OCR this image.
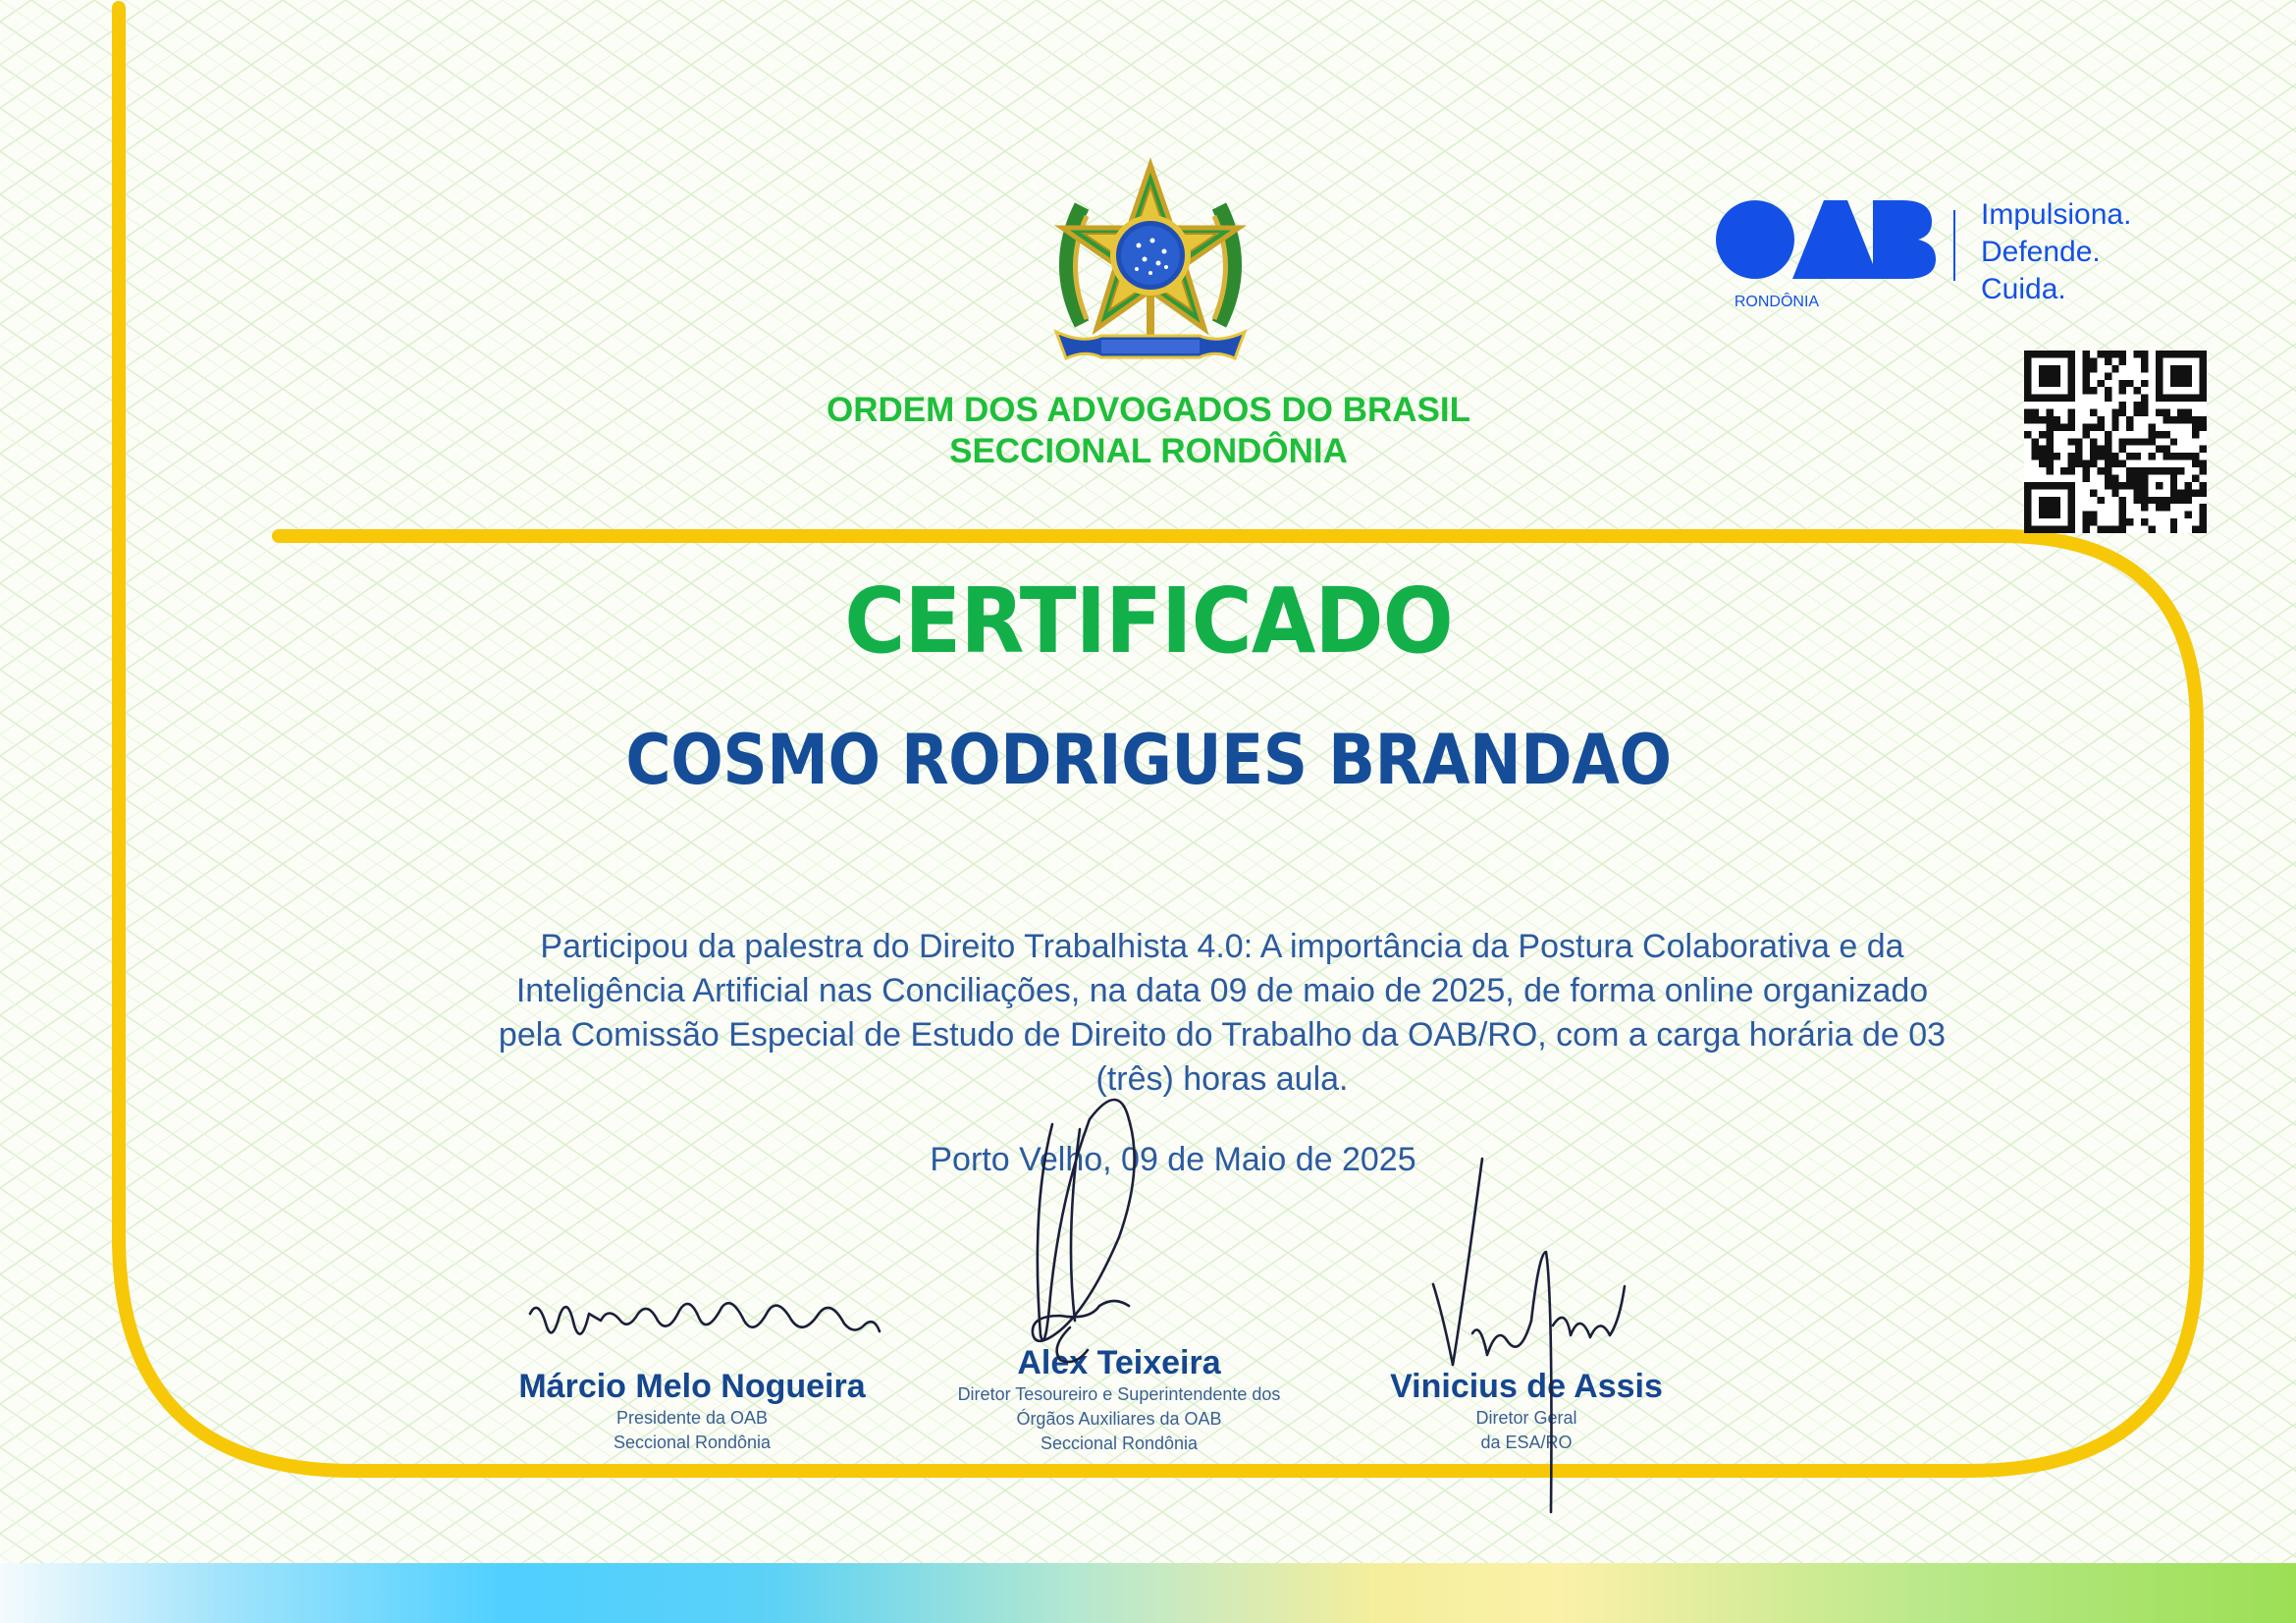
ORDEM DOS ADVOGADOS DO BRASIL

SECCIONAL RONDÔNIA

RONDÔNIA
Impulsiona.
Defende.
Cuida.
CERTIFICADO
COSMO RODRIGUES BRANDAO

Participou da palestra do Direito Trabalhista 4.0: A importância da Postura Colaborativa e da Inteligência Artificial nas Conciliações, na data 09 de maio de 2025, de forma online organizado pela Comissão Especial de Estudo de Direito do Trabalho da OAB/RO, com a carga horária de 03 (três) horas aula.

Porto Velho, 09 de Maio de 2025

Márcio Melo Nogueira

Presidente da OAB

Seccional Rondônia

Alex Teixeira

Diretor Tesoureiro e Superintendente dos

Órgãos Auxiliares da OAB

Seccional Rondônia

Vinicius de Assis

Diretor Geral

da ESA/RO
